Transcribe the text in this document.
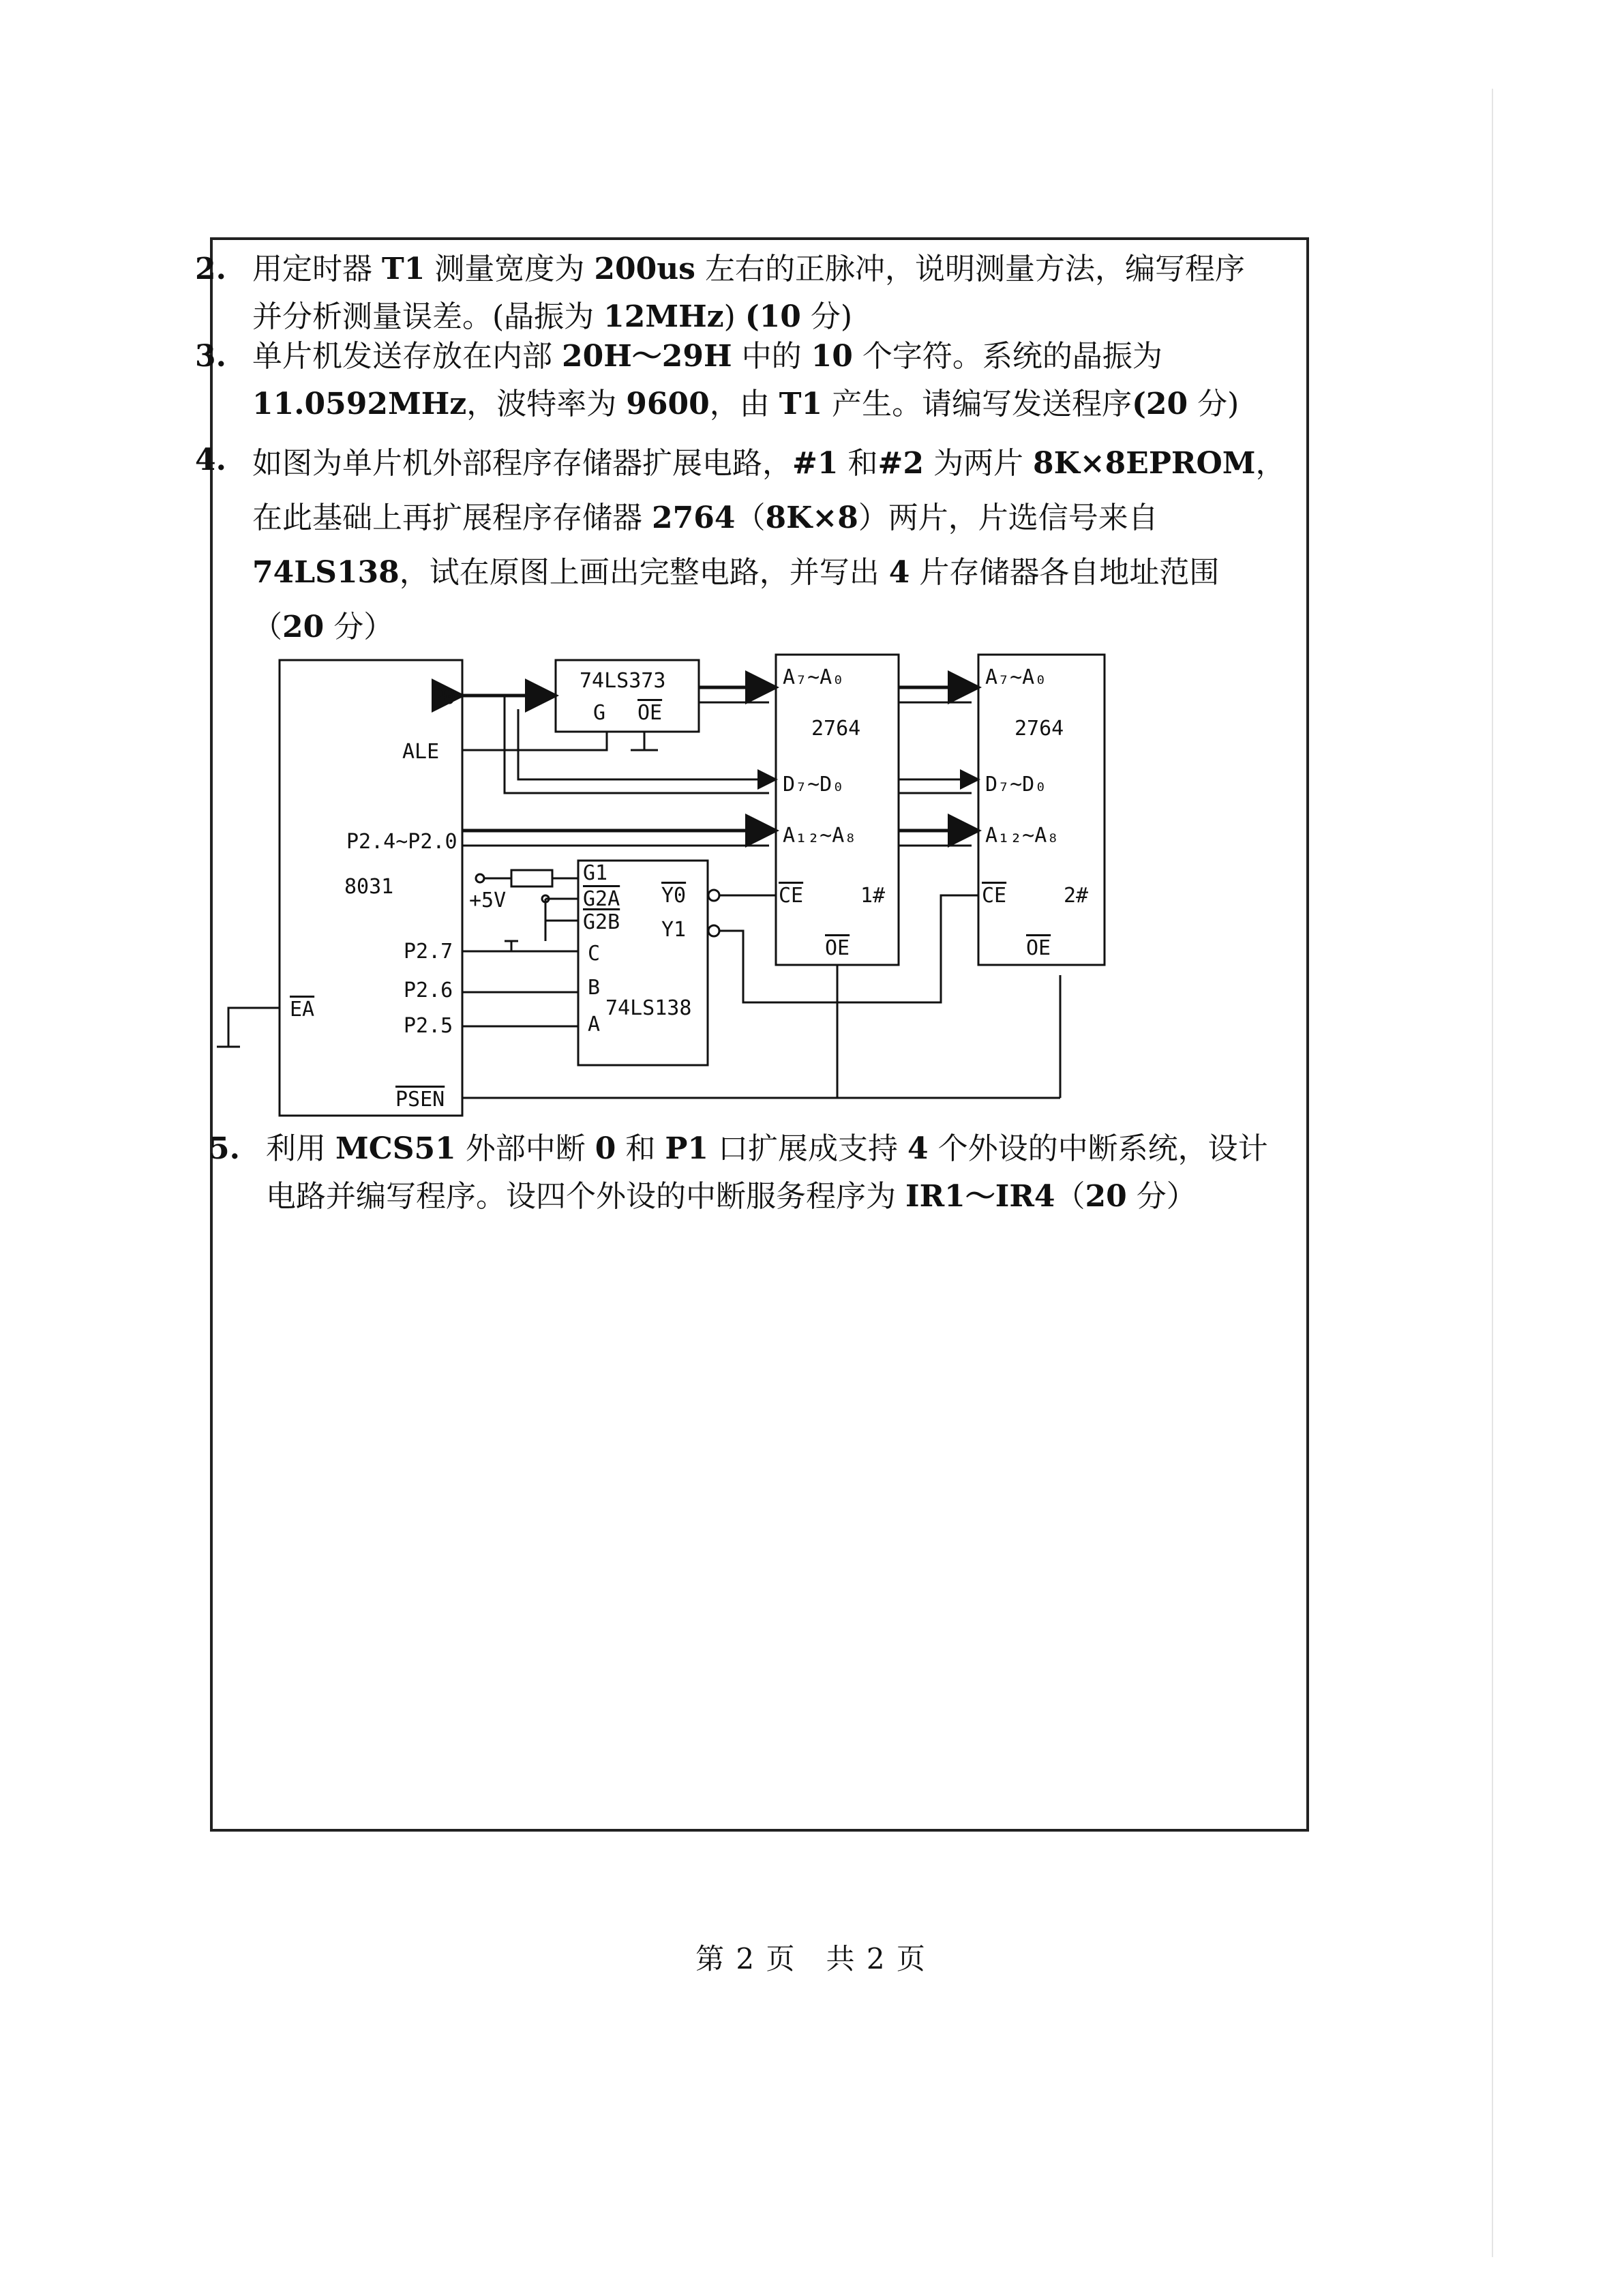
2. 用定时器 T1 测量宽度为 200us 左右的正脉冲，说明测量方法，编写程序
并分析测量误差。(晶振为 12MHz) (10 分)
3. 单片机发送存放在内部 20H～29H 中的 10 个字符。系统的晶振为
11.0592MHz，波特率为 9600，由 T1 产生。请编写发送程序(20 分)
4. 如图为单片机外部程序存储器扩展电路，#1 和#2 为两片 8K×8EPROM，
在此基础上再扩展程序存储器 2764（8K×8）两片，片选信号来自
74LS138，试在原图上画出完整电路，并写出 4 片存储器各自地址范围
（20 分）
5. 利用 MCS51 外部中断 0 和 P1 口扩展成支持 4 个外设的中断系统，设计
电路并编写程序。设四个外设的中断服务程序为 IR1～IR4（20 分）
P0
ALE
P2.4~P2.0
8031
P2.7
P2.6
P2.5
EA
PSEN
74LS373
G OE
G1
G2A
G2B
Y0
Y1
C
B
A
74LS138
+5V
A₇~A₀
2764
D₇~D₀
A₁₂~A₈
CE	1#
OE
A₇~A₀
2764
D₇~D₀
A₁₂~A₈
CE	2#
OE
第 2 页　共 2 页
